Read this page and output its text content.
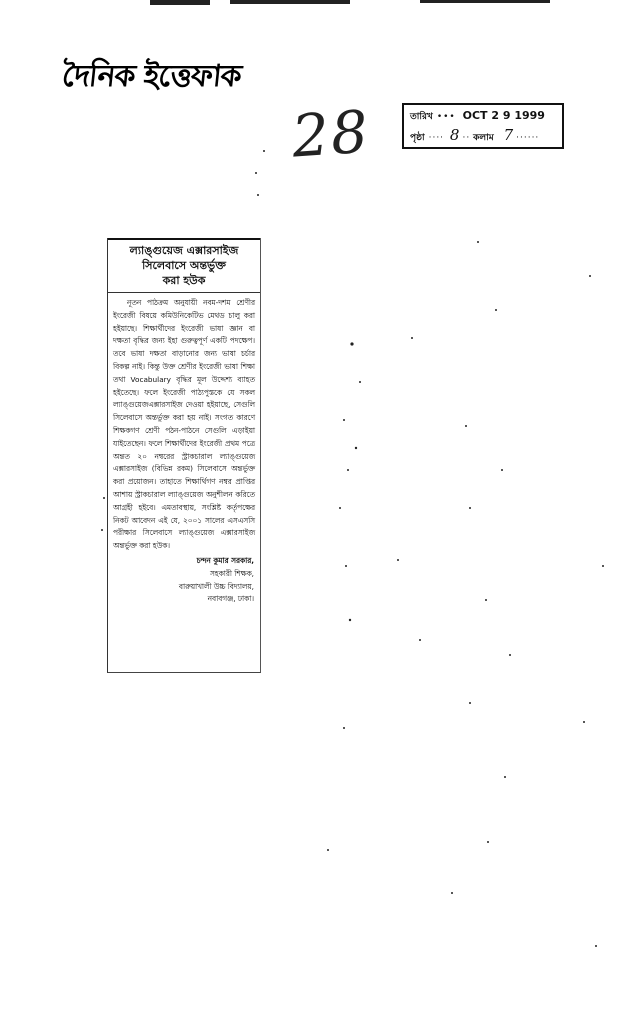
দৈনিক ইত্তেফাক
28	তারিখ ••• OCT 2 9 1999
পৃষ্ঠা ···· 8 ·· কলাম 7 ······
ল্যাঙ্গুয়েজ এক্সারসাইজ
সিলেবাসে অন্তর্ভুক্ত
করা হউক
নূতন পাঠক্রম অনুযায়ী নবম-দশম শ্রেণীর ইংরেজী বিষয়ে কমিউনিকেটিভ মেথড চালু করা হইয়াছে। শিক্ষার্থীদের ইংরেজী ভাষা জ্ঞান বা দক্ষতা বৃদ্ধির জন্য ইহা গুরুত্বপূর্ণ একটি পদক্ষেপ। তবে ভাষা দক্ষতা বাড়ানোর জন্য ভাষা চর্চার বিকল্প নাই। কিন্তু উক্ত শ্রেণীর ইংরেজী ভাষা শিক্ষা তথা Vocabulary বৃদ্ধির মূল উদ্দেশ্য ব্যাহত হইতেছে। ফলে ইংরেজী পাঠ্যপুস্তকে যে সকল ল্যাঙ্গুয়েজএক্সারসাইজ দেওয়া হইয়াছে, সেগুলি সিলেবাসে অন্তর্ভুক্ত করা হয় নাই। সংগত কারণে শিক্ষকগণ শ্রেণী পঠন-পাঠনে সেগুলি এড়াইয়া যাইতেছেন। ফলে শিক্ষার্থীদের ইংরেজী প্রথম পত্রে অন্তত ২০ নম্বরের স্ট্রাকচারাল ল্যাঙ্গুয়েজ এক্সারসাইজ (বিভিন্ন রকম) সিলেবাসে অন্তর্ভুক্ত করা প্রয়োজন। তাহাতে শিক্ষার্থিগণ নম্বর প্রাপ্তির আশায় স্ট্রাকচারাল ল্যাঙ্গুয়েজ অনুশীলন করিতে আগ্রহী হইবে। এমতাবস্থায়, সংশ্লিষ্ট কর্তৃপক্ষের নিকট আবেদন এই যে, ২০০১ সালের এসএসসি পরীক্ষার সিলেবাসে ল্যাঙ্গুয়েজ এক্সারসাইজ অন্তর্ভুক্ত করা হউক।
চন্দন কুমার সরকার,
সহকারী শিক্ষক,
বারুয়াখালী উচ্চ বিদ্যালয়,
নবাবগঞ্জ, ঢাকা।
